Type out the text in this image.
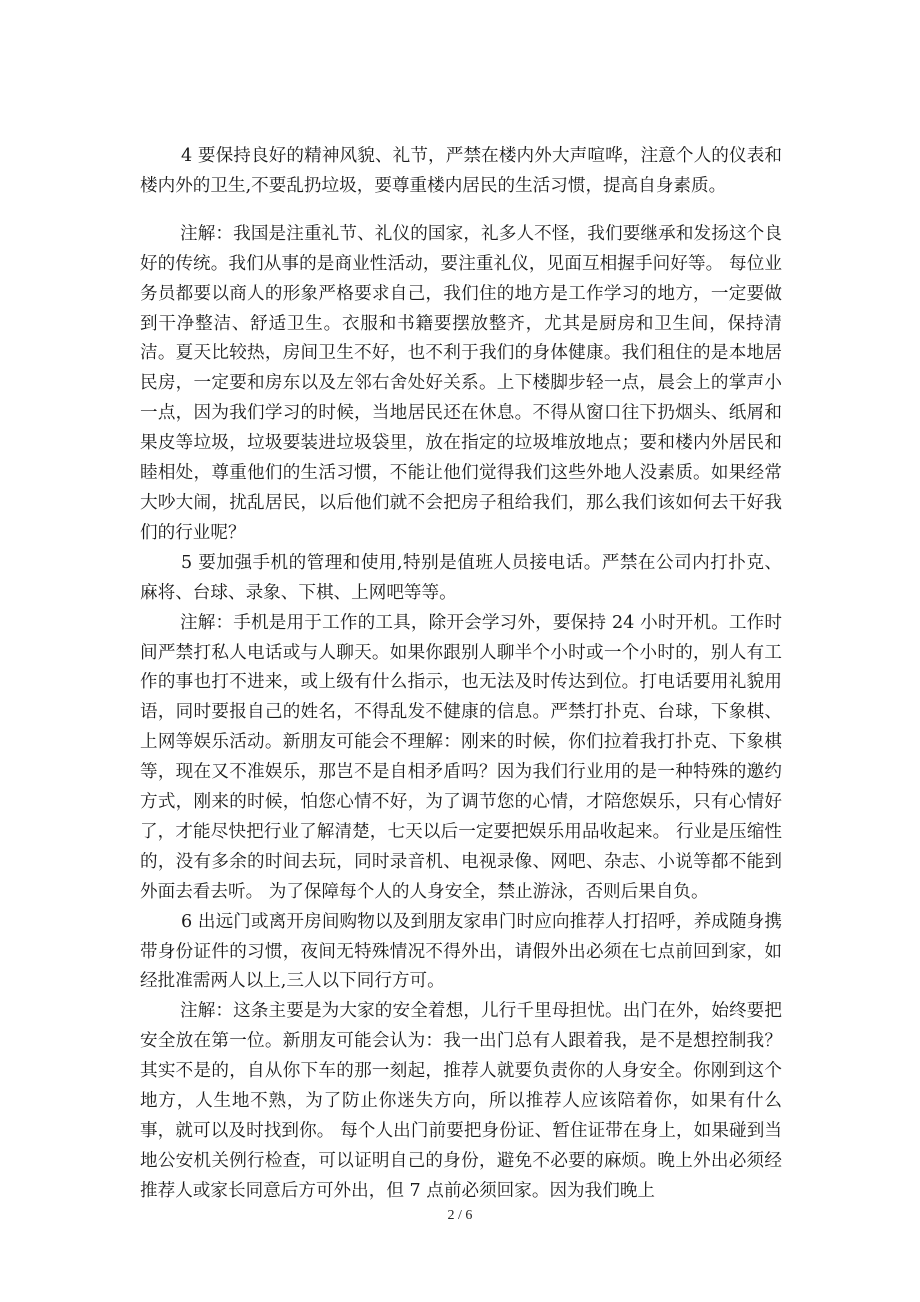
4 要保持良好的精神风貌、礼节，严禁在楼内外大声喧哗，注意个人的仪表和楼内外的卫生,不要乱扔垃圾，要尊重楼内居民的生活习惯，提高自身素质。

注解：我国是注重礼节、礼仪的国家，礼多人不怪，我们要继承和发扬这个良好的传统。我们从事的是商业性活动，要注重礼仪，见面互相握手问好等。 每位业务员都要以商人的形象严格要求自己，我们住的地方是工作学习的地方，一定要做到干净整洁、舒适卫生。衣服和书籍要摆放整齐，尤其是厨房和卫生间，保持清洁。夏天比较热，房间卫生不好，也不利于我们的身体健康。我们租住的是本地居民房，一定要和房东以及左邻右舍处好关系。上下楼脚步轻一点，晨会上的掌声小一点，因为我们学习的时候，当地居民还在休息。不得从窗口往下扔烟头、纸屑和果皮等垃圾，垃圾要装进垃圾袋里，放在指定的垃圾堆放地点；要和楼内外居民和睦相处，尊重他们的生活习惯，不能让他们觉得我们这些外地人没素质。如果经常大吵大闹，扰乱居民，以后他们就不会把房子租给我们，那么我们该如何去干好我们的行业呢？

5 要加强手机的管理和使用,特别是值班人员接电话。严禁在公司内打扑克、麻将、台球、录象、下棋、上网吧等等。

注解：手机是用于工作的工具，除开会学习外，要保持 24 小时开机。工作时间严禁打私人电话或与人聊天。如果你跟别人聊半个小时或一个小时的，别人有工作的事也打不进来，或上级有什么指示，也无法及时传达到位。打电话要用礼貌用语，同时要报自己的姓名，不得乱发不健康的信息。严禁打扑克、台球，下象棋、上网等娱乐活动。新朋友可能会不理解：刚来的时候，你们拉着我打扑克、下象棋等，现在又不准娱乐，那岂不是自相矛盾吗？因为我们行业用的是一种特殊的邀约方式，刚来的时候，怕您心情不好，为了调节您的心情，才陪您娱乐，只有心情好了，才能尽快把行业了解清楚，七天以后一定要把娱乐用品收起来。 行业是压缩性的，没有多余的时间去玩，同时录音机、电视录像、网吧、杂志、小说等都不能到外面去看去听。 为了保障每个人的人身安全，禁止游泳，否则后果自负。

6 出远门或离开房间购物以及到朋友家串门时应向推荐人打招呼，养成随身携带身份证件的习惯，夜间无特殊情况不得外出，请假外出必须在七点前回到家，如经批准需两人以上,三人以下同行方可。

注解：这条主要是为大家的安全着想，儿行千里母担忧。出门在外，始终要把安全放在第一位。新朋友可能会认为：我一出门总有人跟着我，是不是想控制我？其实不是的，自从你下车的那一刻起，推荐人就要负责你的人身安全。你刚到这个地方，人生地不熟，为了防止你迷失方向，所以推荐人应该陪着你，如果有什么事，就可以及时找到你。 每个人出门前要把身份证、暂住证带在身上，如果碰到当地公安机关例行检查，可以证明自己的身份，避免不必要的麻烦。晚上外出必须经推荐人或家长同意后方可外出，但 7 点前必须回家。因为我们晚上

2 / 6
